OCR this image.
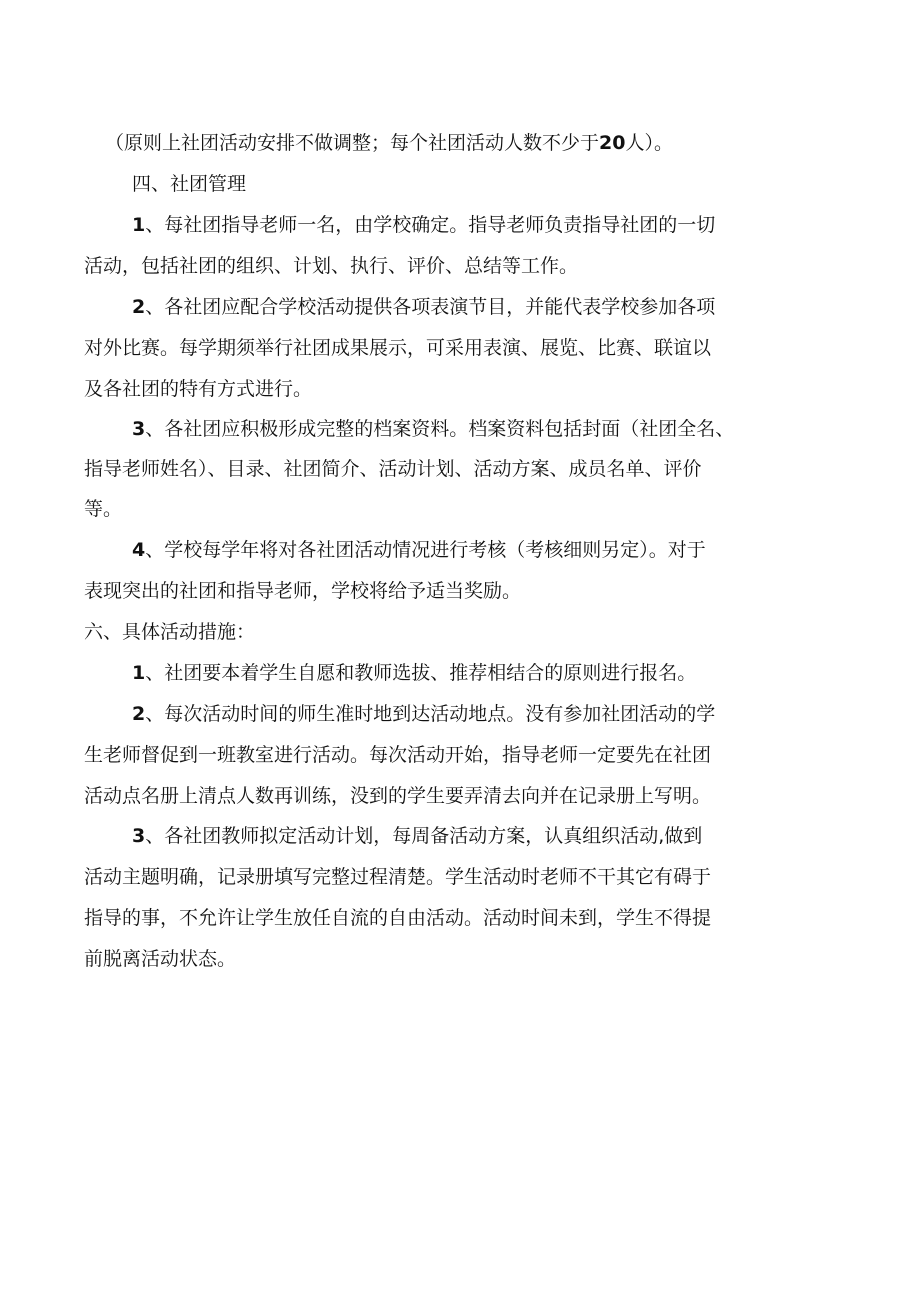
（原则上社团活动安排不做调整；每个社团活动人数不少于20人）。
四、社团管理
1、每社团指导老师一名，由学校确定。指导老师负责指导社团的一切
活动，包括社团的组织、计划、执行、评价、总结等工作。
2、各社团应配合学校活动提供各项表演节目，并能代表学校参加各项
对外比赛。每学期须举行社团成果展示，可采用表演、展览、比赛、联谊以
及各社团的特有方式进行。
3、各社团应积极形成完整的档案资料。档案资料包括封面（社团全名、
指导老师姓名）、目录、社团简介、活动计划、活动方案、成员名单、评价
等。
4、学校每学年将对各社团活动情况进行考核（考核细则另定）。对于
表现突出的社团和指导老师，学校将给予适当奖励。
六、具体活动措施：
1、社团要本着学生自愿和教师选拔、推荐相结合的原则进行报名。
2、每次活动时间的师生准时地到达活动地点。没有参加社团活动的学
生老师督促到一班教室进行活动。每次活动开始，指导老师一定要先在社团
活动点名册上清点人数再训练，没到的学生要弄清去向并在记录册上写明。
3、各社团教师拟定活动计划，每周备活动方案，认真组织活动,做到
活动主题明确，记录册填写完整过程清楚。学生活动时老师不干其它有碍于
指导的事，不允许让学生放任自流的自由活动。活动时间未到，学生不得提
前脱离活动状态。
